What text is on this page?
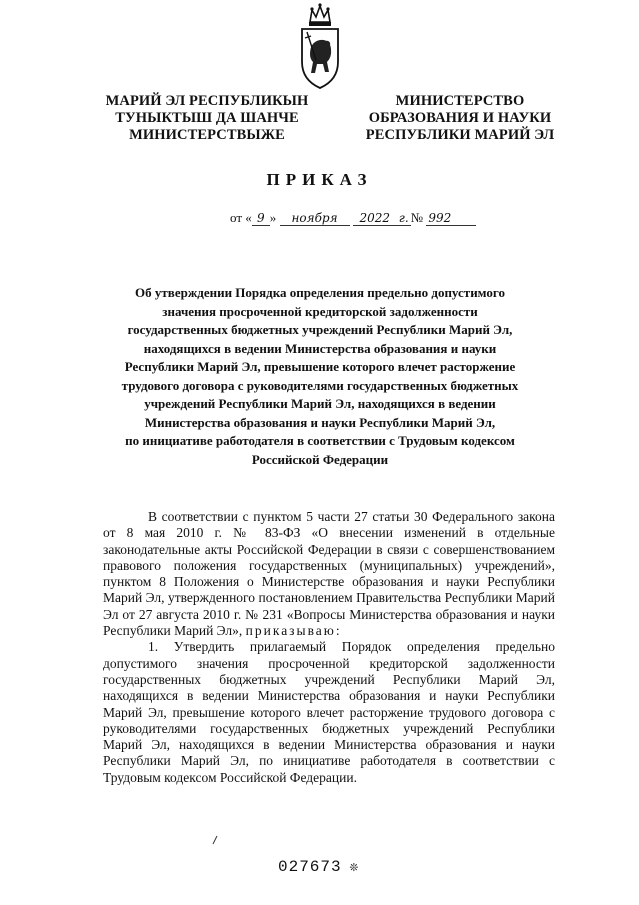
МАРИЙ ЭЛ РЕСПУБЛИКЫН
ТУНЫКТЫШ ДА ШАНЧЕ
МИНИСТЕРСТВЫЖЕ
МИНИСТЕРСТВО
ОБРАЗОВАНИЯ И НАУКИ
РЕСПУБЛИКИ МАРИЙ ЭЛ
ПРИКАЗ
от « 9 » ноября 2022 г. № 992
Об утверждении Порядка определения предельно допустимого
значения просроченной кредиторской задолженности
государственных бюджетных учреждений Республики Марий Эл,
находящихся в ведении Министерства образования и науки
Республики Марий Эл, превышение которого влечет расторжение
трудового договора с руководителями государственных бюджетных
учреждений Республики Марий Эл, находящихся в ведении
Министерства образования и науки Республики Марий Эл,
по инициативе работодателя в соответствии с Трудовым кодексом
Российской Федерации

В соответствии с пунктом 5 части 27 статьи 30 Федерального закона от 8 мая 2010 г. № 83-ФЗ «О внесении изменений в отдельные законодательные акты Российской Федерации в связи с совершенствованием правового положения государственных (муниципальных) учреждений», пунктом 8 Положения о Министерстве образования и науки Республики Марий Эл, утвержденного постановлением Правительства Республики Марий Эл от 27 августа 2010 г. № 231 «Вопросы Министерства образования и науки Республики Марий Эл», приказываю:

1. Утвердить прилагаемый Порядок определения предельно допустимого значения просроченной кредиторской задолженности государственных бюджетных учреждений Республики Марий Эл, находящихся в ведении Министерства образования и науки Республики Марий Эл, превышение которого влечет расторжение трудового договора с руководителями государственных бюджетных учреждений Республики Марий Эл, находящихся в ведении Министерства образования и науки Республики Марий Эл, по инициативе работодателя в соответствии с Трудовым кодексом Российской Федерации.

027673 ❊
